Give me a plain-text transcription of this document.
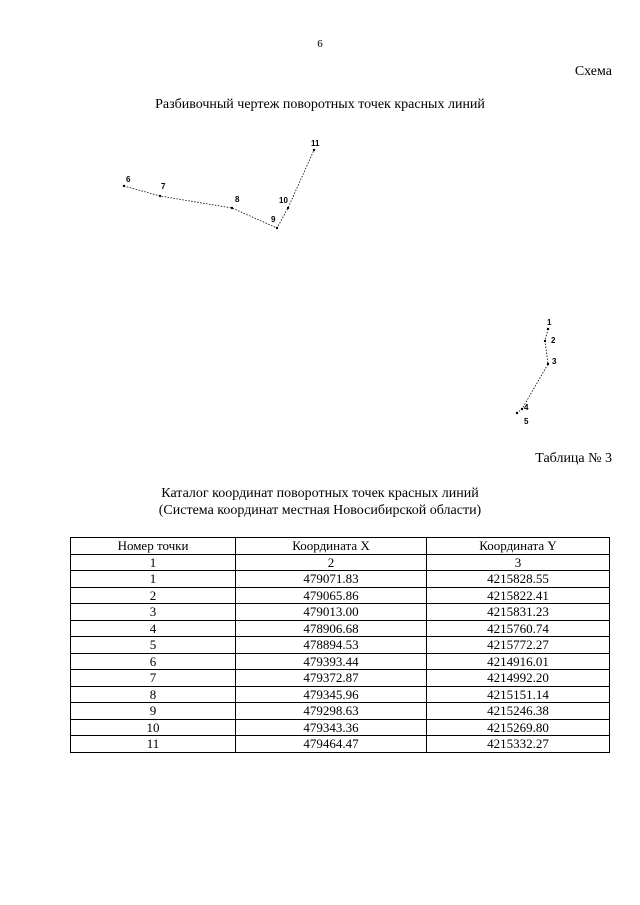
6
Схема
Разбивочный чертеж поворотных точек красных линий
1
2
3
4
5
6
7
8
9
10
11
Таблица № 3
Каталог координат поворотных точек красных линий
(Система координат местная Новосибирской области)
Номер точки	Координата X	Координата Y
1	2	3
1	479071.83	4215828.55
2	479065.86	4215822.41
3	479013.00	4215831.23
4	478906.68	4215760.74
5	478894.53	4215772.27
6	479393.44	4214916.01
7	479372.87	4214992.20
8	479345.96	4215151.14
9	479298.63	4215246.38
10	479343.36	4215269.80
11	479464.47	4215332.27
